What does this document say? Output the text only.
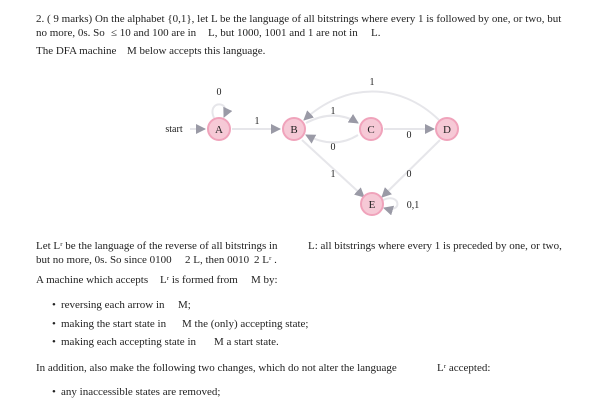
2. ( 9 marks) On the alphabet {0,1}, let L be the language of all bitstrings where every 1 is followed by one, or two, but
no more, 0s. So ≤ 10 and 100 are in L, but 1000, 1001 and 1 are not in L.
The DFA machine M below accepts this language.
A	B	C	D
E
start
0
1
1
0
0
1
1	0
0,1
Let Lʳ be the language of the reverse of all bitstrings in	L: all bitstrings where every 1 is preceded by one, or two,
but no more, 0s. So since 0100 2 L, then 0010 2 Lʳ .
A machine which accepts Lʳ is formed from M by:
• reversing each arrow in M;
• making the start state in M the (only) accepting state;
• making each accepting state in M a start state.
In addition, also make the following two changes, which do not alter the language	Lʳ accepted:
• any inaccessible states are removed;
